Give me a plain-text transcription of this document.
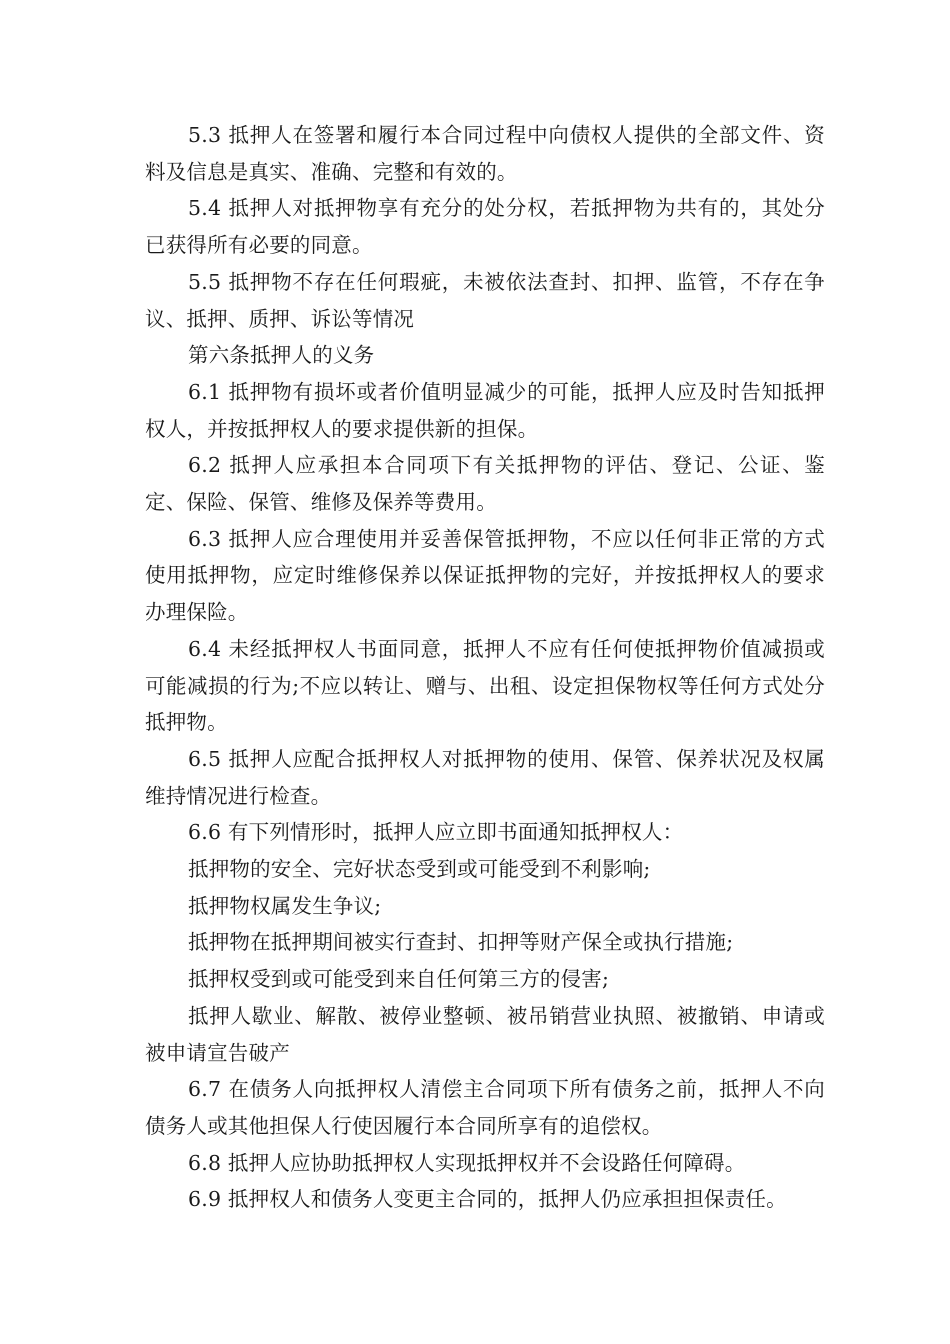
5.3 抵押人在签署和履行本合同过程中向债权人提供的全部文件、资料及信息是真实、准确、完整和有效的。

5.4 抵押人对抵押物享有充分的处分权，若抵押物为共有的，其处分已获得所有必要的同意。

5.5 抵押物不存在任何瑕疵，未被依法查封、扣押、监管，不存在争议、抵押、质押、诉讼等情况

第六条抵押人的义务

6.1 抵押物有损坏或者价值明显减少的可能，抵押人应及时告知抵押权人，并按抵押权人的要求提供新的担保。

6.2 抵押人应承担本合同项下有关抵押物的评估、登记、公证、鉴定、保险、保管、维修及保养等费用。

6.3 抵押人应合理使用并妥善保管抵押物，不应以任何非正常的方式使用抵押物，应定时维修保养以保证抵押物的完好，并按抵押权人的要求办理保险。

6.4 未经抵押权人书面同意，抵押人不应有任何使抵押物价值减损或可能减损的行为;不应以转让、赠与、出租、设定担保物权等任何方式处分抵押物。

6.5 抵押人应配合抵押权人对抵押物的使用、保管、保养状况及权属维持情况进行检查。

6.6 有下列情形时，抵押人应立即书面通知抵押权人：

抵押物的安全、完好状态受到或可能受到不利影响;

抵押物权属发生争议;

抵押物在抵押期间被实行查封、扣押等财产保全或执行措施;

抵押权受到或可能受到来自任何第三方的侵害;

抵押人歇业、解散、被停业整顿、被吊销营业执照、被撤销、申请或被申请宣告破产

6.7 在债务人向抵押权人清偿主合同项下所有债务之前，抵押人不向债务人或其他担保人行使因履行本合同所享有的追偿权。

6.8 抵押人应协助抵押权人实现抵押权并不会设路任何障碍。

6.9 抵押权人和债务人变更主合同的，抵押人仍应承担担保责任。
